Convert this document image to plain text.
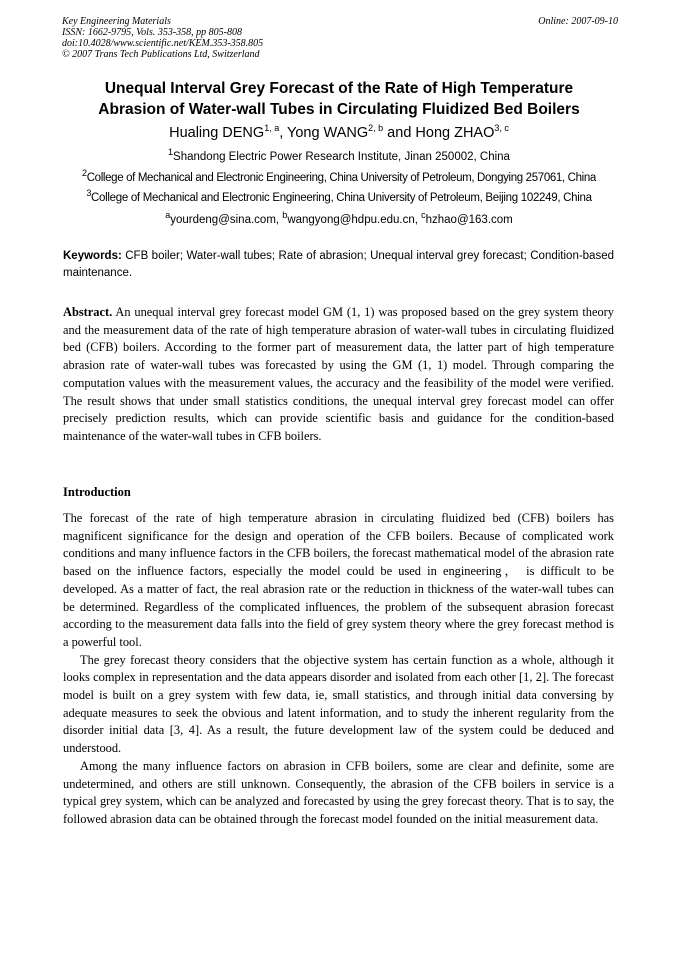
Key Engineering Materials
ISSN: 1662-9795, Vols. 353-358, pp 805-808
doi:10.4028/www.scientific.net/KEM.353-358.805
© 2007 Trans Tech Publications Ltd, Switzerland
Online: 2007-09-10
Unequal Interval Grey Forecast of the Rate of High Temperature
Abrasion of Water-wall Tubes in Circulating Fluidized Bed Boilers
Hualing DENG$^{1, a}$, Yong WANG$^{2, b}$ and Hong ZHAO$^{3, c}$
$^1$Shandong Electric Power Research Institute, Jinan 250002, China
$^2$College of Mechanical and Electronic Engineering, China University of Petroleum, Dongying 257061, China
$^3$College of Mechanical and Electronic Engineering, China University of Petroleum, Beijing 102249, China
$^a$yourdeng@sina.com, $^b$wangyong@hdpu.edu.cn, $^c$hzhao@163.com
Keywords: CFB boiler; Water-wall tubes; Rate of abrasion; Unequal interval grey forecast; Condition-based maintenance.
Abstract. An unequal interval grey forecast model GM (1, 1) was proposed based on the grey system theory and the measurement data of the rate of high temperature abrasion of water-wall tubes in circulating fluidized bed (CFB) boilers. According to the former part of measurement data, the latter part of high temperature abrasion rate of water-wall tubes was forecasted by using the GM (1, 1) model. Through comparing the computation values with the measurement values, the accuracy and the feasibility of the model were verified. The result shows that under small statistics conditions, the unequal interval grey forecast model can offer precisely prediction results, which can provide scientific basis and guidance for the condition-based maintenance of the water-wall tubes in CFB boilers.
Introduction

The forecast of the rate of high temperature abrasion in circulating fluidized bed (CFB) boilers has magnificent significance for the design and operation of the CFB boilers. Because of complicated work conditions and many influence factors in the CFB boilers, the forecast mathematical model of the abrasion rate based on the influence factors, especially the model could be used in engineering， is difficult to be developed. As a matter of fact, the real abrasion rate or the reduction in thickness of the water-wall tubes can be determined. Regardless of the complicated influences, the problem of the subsequent abrasion forecast according to the measurement data falls into the field of grey system theory where the grey forecast method is a powerful tool.

The grey forecast theory considers that the objective system has certain function as a whole, although it looks complex in representation and the data appears disorder and isolated from each other [1, 2]. The forecast model is built on a grey system with few data, ie, small statistics, and through initial data conversing by adequate measures to seek the obvious and latent information, and to study the inherent regularity from the disorder initial data [3, 4]. As a result, the future development law of the system could be deduced and understood.

Among the many influence factors on abrasion in CFB boilers, some are clear and definite, some are undetermined, and others are still unknown. Consequently, the abrasion of the CFB boilers in service is a typical grey system, which can be analyzed and forecasted by using the grey forecast theory. That is to say, the followed abrasion data can be obtained through the forecast model founded on the initial measurement data.
